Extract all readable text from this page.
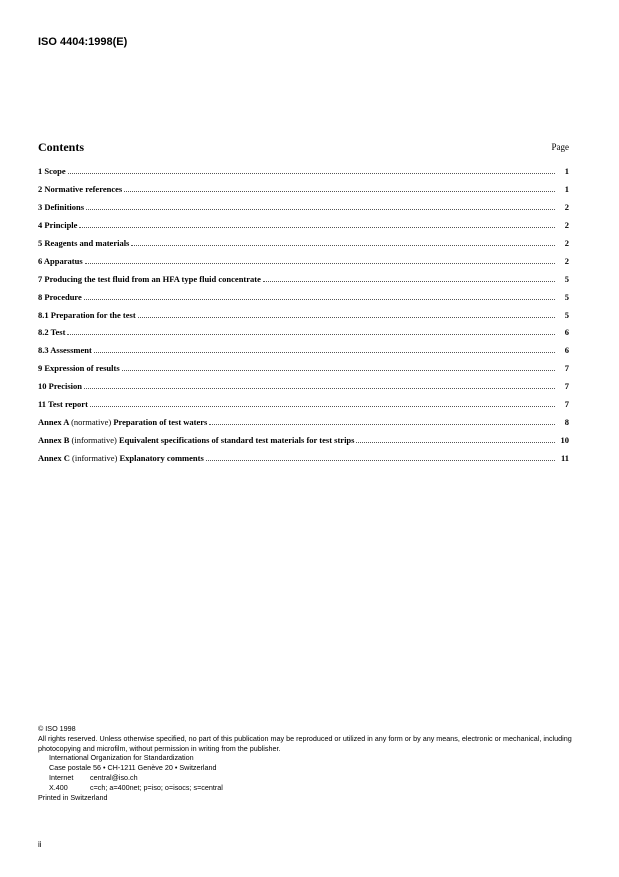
ISO 4404:1998(E)
Contents	Page
1 Scope	1
2 Normative references	1
3 Definitions	2
4 Principle	2
5 Reagents and materials	2
6 Apparatus	2
7 Producing the test fluid from an HFA type fluid concentrate	5
8 Procedure	5
8.1 Preparation for the test	5
8.2 Test	6
8.3 Assessment	6
9 Expression of results	7
10 Precision	7
11 Test report	7
Annex A (normative) Preparation of test waters	8
Annex B (informative) Equivalent specifications of standard test materials for test strips	10
Annex C (informative) Explanatory comments	11
© ISO 1998
All rights reserved. Unless otherwise specified, no part of this publication may be reproduced or utilized in any form or by any means, electronic or mechanical, including photocopying and microfilm, without permission in writing from the publisher.
International Organization for Standardization
Case postale 56 • CH-1211 Genève 20 • Switzerland
Internet central@iso.ch
X.400	c=ch; a=400net; p=iso; o=isocs; s=central
Printed in Switzerland
ii
